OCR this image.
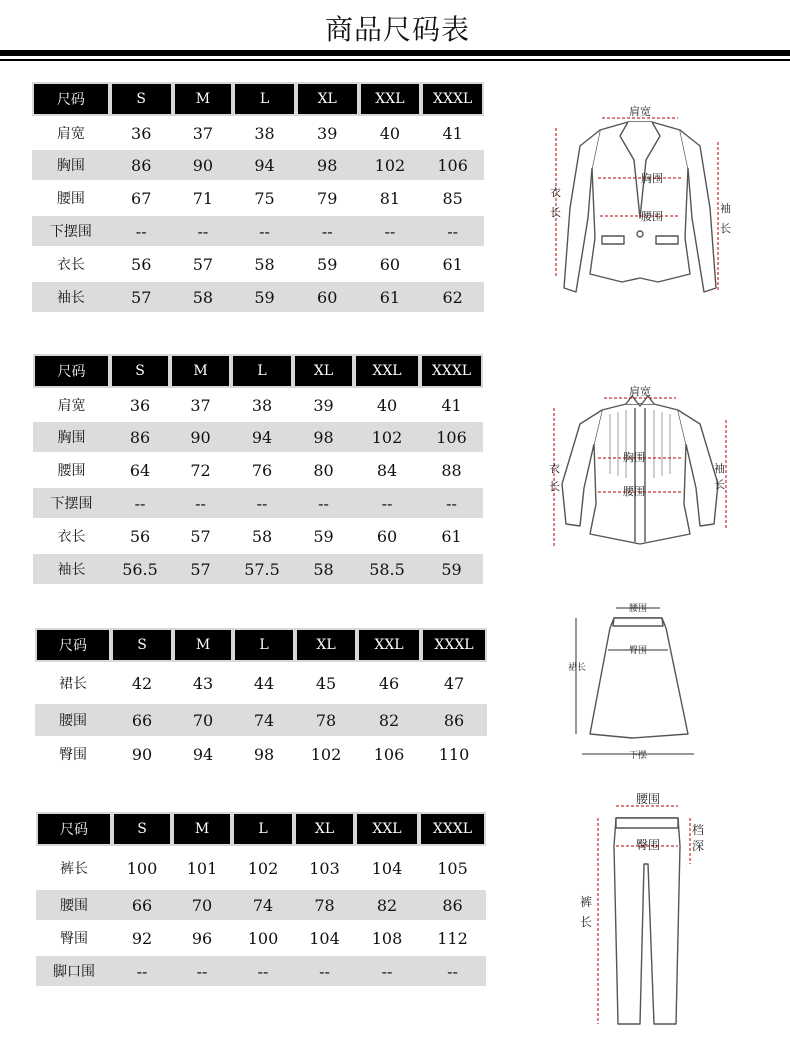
商品尺码表
尺码	S	M	L	XL	XXL	XXXL
肩宽	36	37	38	39	40	41
胸围	86	90	94	98	102	106
腰围	67	71	75	79	81	85
下摆围	--	--	--	--	--	--
衣长	56	57	58	59	60	61
袖长	57	58	59	60	61	62
尺码	S	M	L	XL	XXL	XXXL
肩宽	36	37	38	39	40	41
胸围	86	90	94	98	102	106
腰围	64	72	76	80	84	88
下摆围	--	--	--	--	--	--
衣长	56	57	58	59	60	61
袖长	56.5	57	57.5	58	58.5	59
尺码	S	M	L	XL	XXL	XXXL
裙长	42	43	44	45	46	47
腰围	66	70	74	78	82	86
臀围	90	94	98	102	106	110
尺码	S	M	L	XL	XXL	XXXL
裤长	100	101	102	103	104	105
腰围	66	70	74	78	82	86
臀围	92	96	100	104	108	112
脚口围	--	--	--	--	--	--
肩宽
胸围
腰围
衣
长	袖
长
肩宽
胸围
腰围
衣
长
袖
长
腰围
臀围
裙长
下摆
腰围
臀围
档
深
裤
长
